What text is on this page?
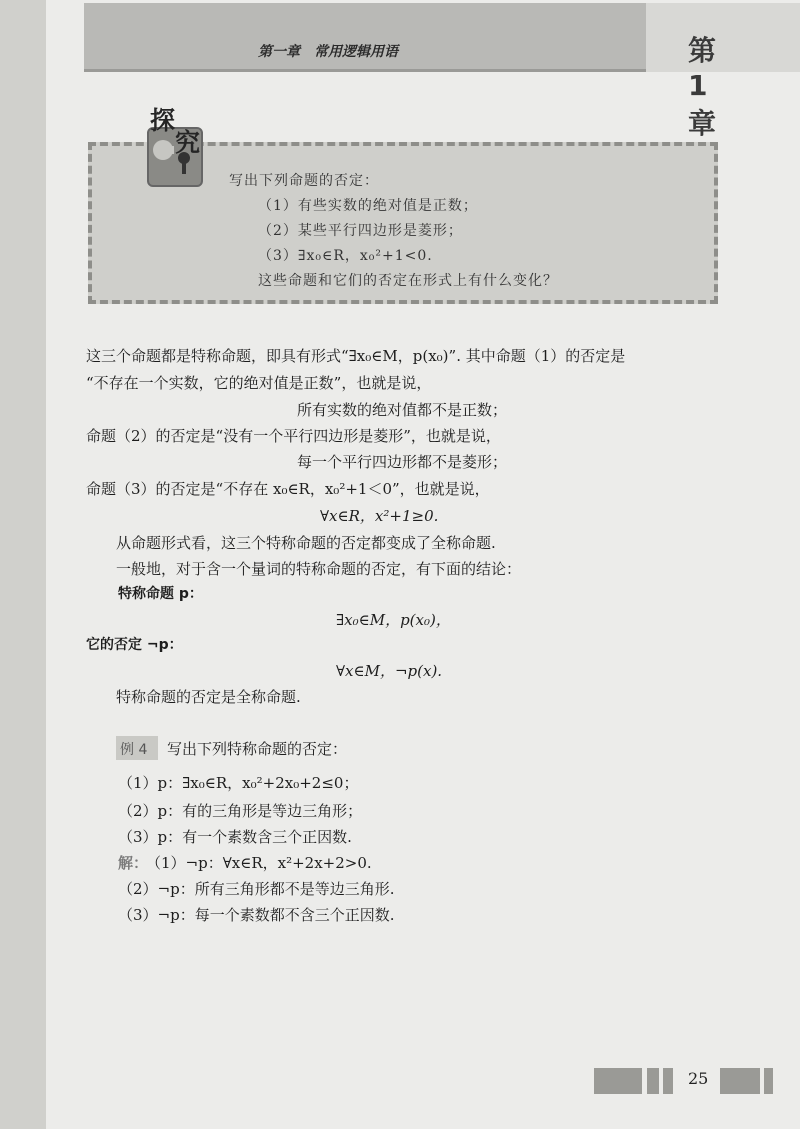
第一章　常用逻辑用语	第1章
探
究
写出下列命题的否定：
（1）有些实数的绝对值是正数；
（2）某些平行四边形是菱形；
（3）∃x₀∈R，x₀²+1<0.
这些命题和它们的否定在形式上有什么变化？
这三个命题都是特称命题，即具有形式“∃x₀∈M，p(x₀)”. 其中命题（1）的否定是
“不存在一个实数，它的绝对值是正数”，也就是说，
所有实数的绝对值都不是正数；
命题（2）的否定是“没有一个平行四边形是菱形”，也就是说，
每一个平行四边形都不是菱形；
命题（3）的否定是“不存在 x₀∈R，x₀²+1＜0”，也就是说，
∀x∈R，x²+1≥0.
从命题形式看，这三个特称命题的否定都变成了全称命题.
一般地，对于含一个量词的特称命题的否定，有下面的结论：
特称命题 p：
∃x₀∈M，p(x₀)，
它的否定 ¬p：
∀x∈M，¬p(x).
特称命题的否定是全称命题.
例 4 写出下列特称命题的否定：
（1）p：∃x₀∈R，x₀²+2x₀+2≤0；
（2）p：有的三角形是等边三角形；
（3）p：有一个素数含三个正因数.
解：
（1）¬p：∀x∈R，x²+2x+2>0.
（2）¬p：所有三角形都不是等边三角形.
（3）¬p：每一个素数都不含三个正因数.
25
